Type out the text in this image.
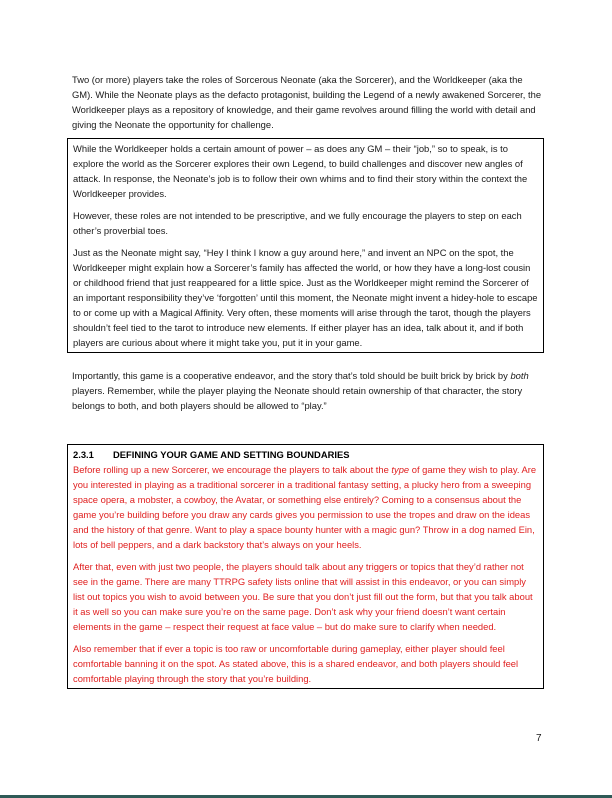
Two (or more) players take the roles of Sorcerous Neonate (aka the Sorcerer), and the Worldkeeper (aka the GM). While the Neonate plays as the defacto protagonist, building the Legend of a newly awakened Sorcerer, the Worldkeeper plays as a repository of knowledge, and their game revolves around filling the world with detail and giving the Neonate the opportunity for challenge.

While the Worldkeeper holds a certain amount of power – as does any GM – their “job,” so to speak, is to explore the world as the Sorcerer explores their own Legend, to build challenges and discover new angles of attack. In response, the Neonate’s job is to follow their own whims and to find their story within the context the Worldkeeper provides.

However, these roles are not intended to be prescriptive, and we fully encourage the players to step on each other’s proverbial toes.

Just as the Neonate might say, “Hey I think I know a guy around here,” and invent an NPC on the spot, the Worldkeeper might explain how a Sorcerer’s family has affected the world, or how they have a long-lost cousin or childhood friend that just reappeared for a little spice. Just as the Worldkeeper might remind the Sorcerer of an important responsibility they’ve ‘forgotten’ until this moment, the Neonate might invent a hidey-hole to escape to or come up with a Magical Affinity. Very often, these moments will arise through the tarot, though the players shouldn’t feel tied to the tarot to introduce new elements. If either player has an idea, talk about it, and if both players are curious about where it might take you, put it in your game.

Importantly, this game is a cooperative endeavor, and the story that’s told should be built brick by brick by both players. Remember, while the player playing the Neonate should retain ownership of that character, the story belongs to both, and both players should be allowed to “play.”

2.3.1	DEFINING YOUR GAME AND SETTING BOUNDARIES

Before rolling up a new Sorcerer, we encourage the players to talk about the type of game they wish to play. Are you interested in playing as a traditional sorcerer in a traditional fantasy setting, a plucky hero from a sweeping space opera, a mobster, a cowboy, the Avatar, or something else entirely? Coming to a consensus about the game you’re building before you draw any cards gives you permission to use the tropes and draw on the ideas and the history of that genre. Want to play a space bounty hunter with a magic gun? Throw in a dog named Ein, lots of bell peppers, and a dark backstory that’s always on your heels.

After that, even with just two people, the players should talk about any triggers or topics that they’d rather not see in the game. There are many TTRPG safety lists online that will assist in this endeavor, or you can simply list out topics you wish to avoid between you. Be sure that you don’t just fill out the form, but that you talk about it as well so you can make sure you’re on the same page. Don’t ask why your friend doesn’t want certain elements in the game – respect their request at face value – but do make sure to clarify when needed.

Also remember that if ever a topic is too raw or uncomfortable during gameplay, either player should feel comfortable banning it on the spot. As stated above, this is a shared endeavor, and both players should feel comfortable playing through the story that you’re building.

7
